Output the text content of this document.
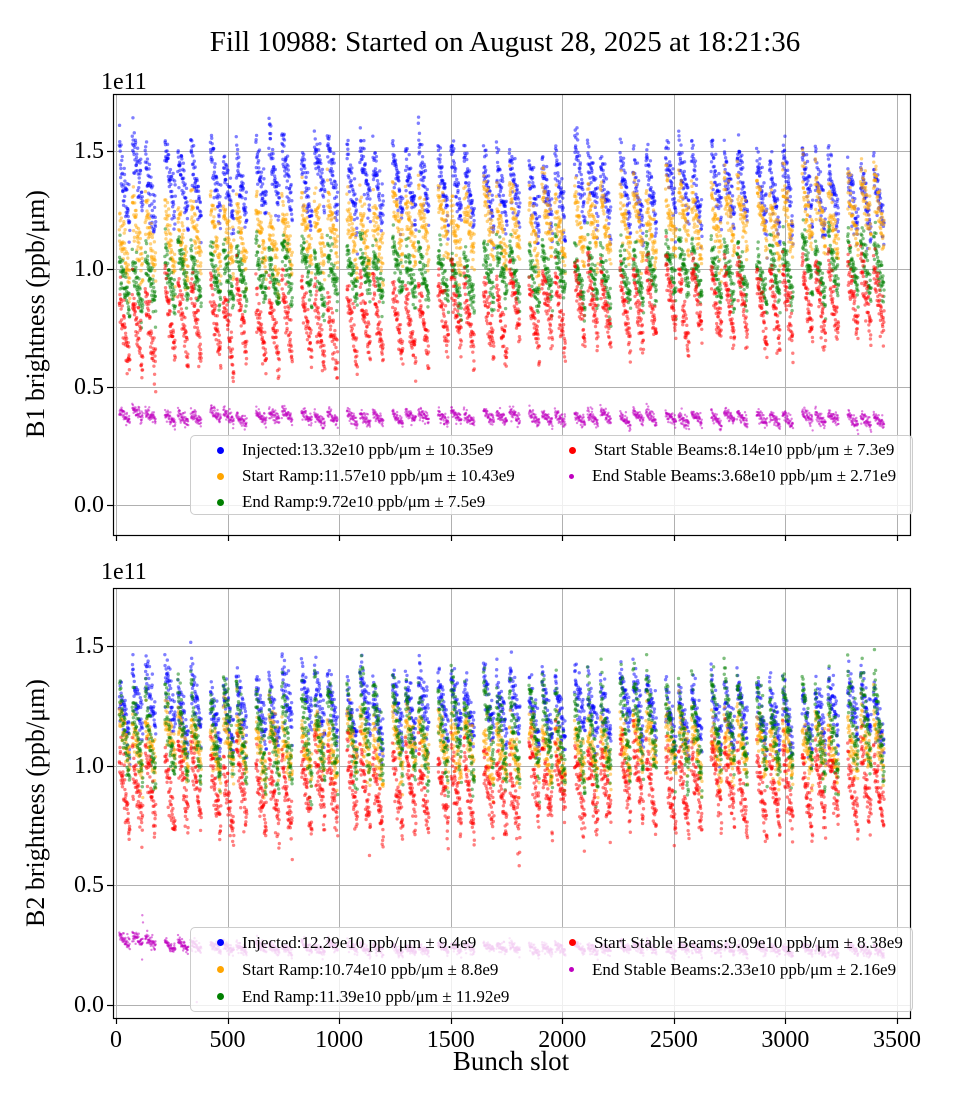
Fill 10988: Started on August 28, 2025 at 18:21:36
1e11
1e11
B1 brightness (ppb/μm)
B2 brightness (ppb/μm)
Bunch slot
0.0
0.5
1.0
1.5
0.0
0.5
1.0
1.5
0	500	1000	1500	2000	2500	3000	3500
Injected:13.32e10 ppb/μm ± 10.35e9
Start Ramp:11.57e10 ppb/μm ± 10.43e9
End Ramp:9.72e10 ppb/μm ± 7.5e9
Start Stable Beams:8.14e10 ppb/μm ± 7.3e9
End Stable Beams:3.68e10 ppb/μm ± 2.71e9
Injected:12.29e10 ppb/μm ± 9.4e9
Start Ramp:10.74e10 ppb/μm ± 8.8e9
End Ramp:11.39e10 ppb/μm ± 11.92e9
Start Stable Beams:9.09e10 ppb/μm ± 8.38e9
End Stable Beams:2.33e10 ppb/μm ± 2.16e9
